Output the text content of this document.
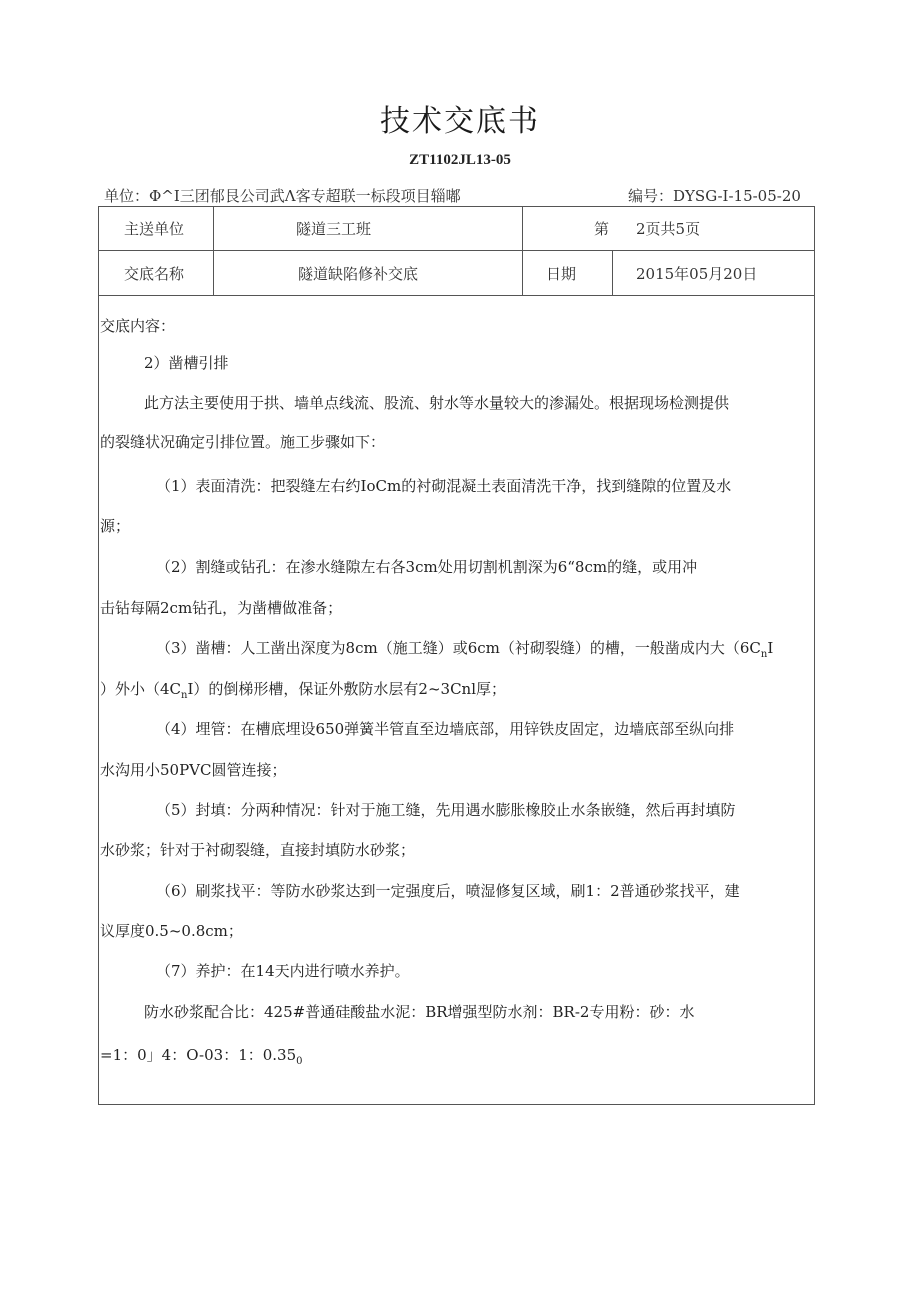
技术交底书
ZT1102JL13-05
单位：Φ^I三团郁艮公司武Λ客专超联一标段项目辎嘟	编号：DYSG-I-15-05-20
主送单位	隧道三工班	第 2页共5页
交底名称	隧道缺陷修补交底	日期	2015年05月20日
交底内容：
2）凿槽引排
此方法主要使用于拱、墙单点线流、股流、射水等水量较大的渗漏处。根据现场检测提供
的裂缝状况确定引排位置。施工步骤如下：
（1）表面清洗：把裂缝左右约IoCm的衬砌混凝土表面清洗干净，找到缝隙的位置及水
源；
（2）割缝或钻孔：在渗水缝隙左右各3cm处用切割机割深为6“8cm的缝，或用冲
击钻每隔2cm钻孔，为凿槽做准备；
（3）凿槽：人工凿出深度为8cm（施工缝）或6cm（衬砌裂缝）的槽，一般凿成内大（$6C_nI$
）外小$(4C_nI)$的倒梯形槽，保证外敷防水层有2~3Cnl厚；
（4）埋管：在槽底埋设650弹簧半管直至边墙底部，用锌铁皮固定，边墙底部至纵向排
水沟用小50PVC圆管连接；
（5）封填：分两种情况：针对于施工缝，先用遇水膨胀橡胶止水条嵌缝，然后再封填防
水砂浆；针对于衬砌裂缝，直接封填防水砂浆；
（6）刷浆找平：等防水砂浆达到一定强度后，喷湿修复区域，刷1：2普通砂浆找平，建
议厚度0.5~0.8cm；
（7）养护：在14天内进行喷水养护。
防水砂浆配合比：425#普通硅酸盐水泥：BR增强型防水剂：BR-2专用粉：砂：水
=1：0」4：O-03：1：$0.35_0$
